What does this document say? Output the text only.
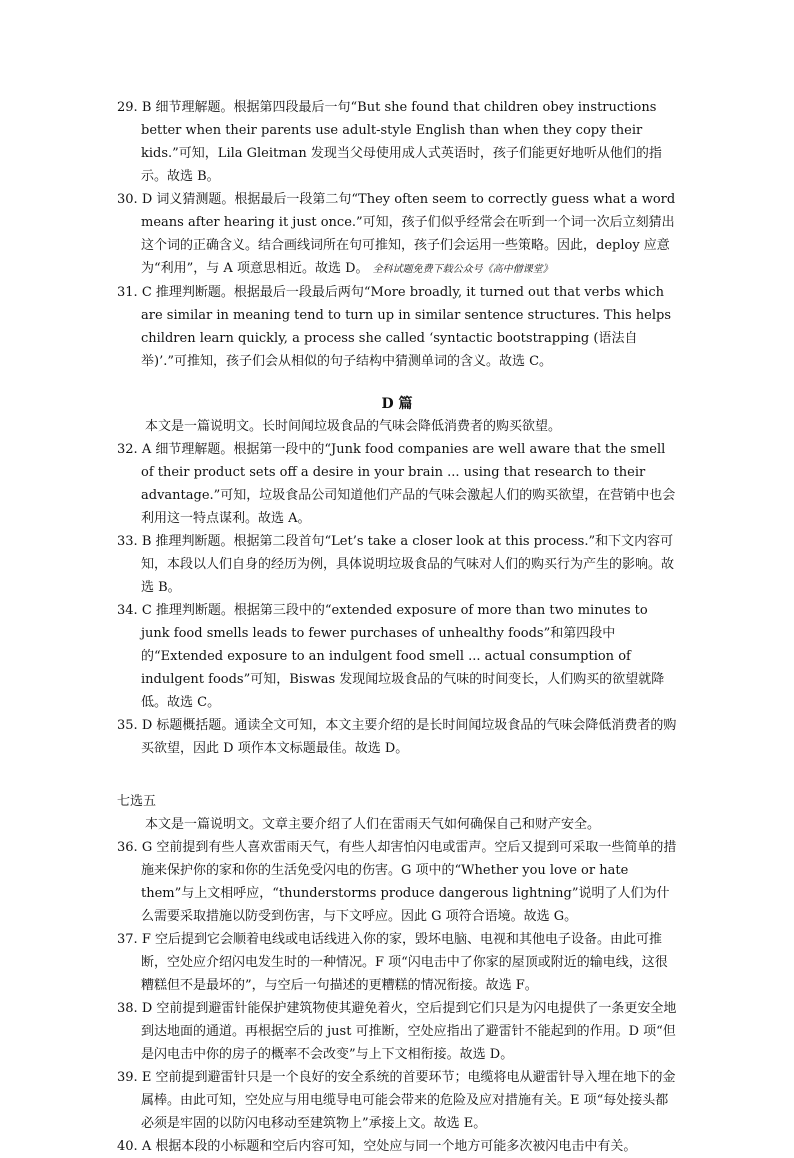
29. B 细节理解题。根据第四段最后一句“But she found that children obey instructions better when their parents use adult-style English than when they copy their kids.”可知，Lila Gleitman 发现当父母使用成人式英语时，孩子们能更好地听从他们的指示。故选 B。
30. D 词义猜测题。根据最后一段第二句“They often seem to correctly guess what a word means after hearing it just once.”可知，孩子们似乎经常会在听到一个词一次后立刻猜出这个词的正确含义。结合画线词所在句可推知，孩子们会运用一些策略。因此，deploy 应意为“利用”，与 A 项意思相近。故选 D。 全科试题免费下载公众号《高中僧课堂》
31. C 推理判断题。根据最后一段最后两句“More broadly, it turned out that verbs which are similar in meaning tend to turn up in similar sentence structures. This helps children learn quickly, a process she called ‘syntactic bootstrapping (语法自举)’.”可推知，孩子们会从相似的句子结构中猜测单词的含义。故选 C。
D 篇
本文是一篇说明文。长时间闻垃圾食品的气味会降低消费者的购买欲望。
32. A 细节理解题。根据第一段中的“Junk food companies are well aware that the smell of their product sets off a desire in your brain ... using that research to their advantage.”可知，垃圾食品公司知道他们产品的气味会激起人们的购买欲望，在营销中也会利用这一特点谋利。故选 A。
33. B 推理判断题。根据第二段首句“Let’s take a closer look at this process.”和下文内容可知，本段以人们自身的经历为例，具体说明垃圾食品的气味对人们的购买行为产生的影响。故选 B。
34. C 推理判断题。根据第三段中的“extended exposure of more than two minutes to junk food smells leads to fewer purchases of unhealthy foods”和第四段中的“Extended exposure to an indulgent food smell ... actual consumption of indulgent foods”可知，Biswas 发现闻垃圾食品的气味的时间变长，人们购买的欲望就降低。故选 C。
35. D 标题概括题。通读全文可知，本文主要介绍的是长时间闻垃圾食品的气味会降低消费者的购买欲望，因此 D 项作本文标题最佳。故选 D。
七选五
本文是一篇说明文。文章主要介绍了人们在雷雨天气如何确保自己和财产安全。
36. G 空前提到有些人喜欢雷雨天气，有些人却害怕闪电或雷声。空后又提到可采取一些简单的措施来保护你的家和你的生活免受闪电的伤害。G 项中的“Whether you love or hate them”与上文相呼应，“thunderstorms produce dangerous lightning”说明了人们为什么需要采取措施以防受到伤害，与下文呼应。因此 G 项符合语境。故选 G。
37. F 空后提到它会顺着电线或电话线进入你的家，毁坏电脑、电视和其他电子设备。由此可推断，空处应介绍闪电发生时的一种情况。F 项“闪电击中了你家的屋顶或附近的输电线，这很糟糕但不是最坏的”，与空后一句描述的更糟糕的情况衔接。故选 F。
38. D 空前提到避雷针能保护建筑物使其避免着火，空后提到它们只是为闪电提供了一条更安全地到达地面的通道。再根据空后的 just 可推断，空处应指出了避雷针不能起到的作用。D 项“但是闪电击中你的房子的概率不会改变”与上下文相衔接。故选 D。
39. E 空前提到避雷针只是一个良好的安全系统的首要环节；电缆将电从避雷针导入埋在地下的金属棒。由此可知，空处应与用电缆导电可能会带来的危险及应对措施有关。E 项“每处接头都必须是牢固的以防闪电移动至建筑物上”承接上文。故选 E。
40. A 根据本段的小标题和空后内容可知，空处应与同一个地方可能多次被闪电击中有关。
